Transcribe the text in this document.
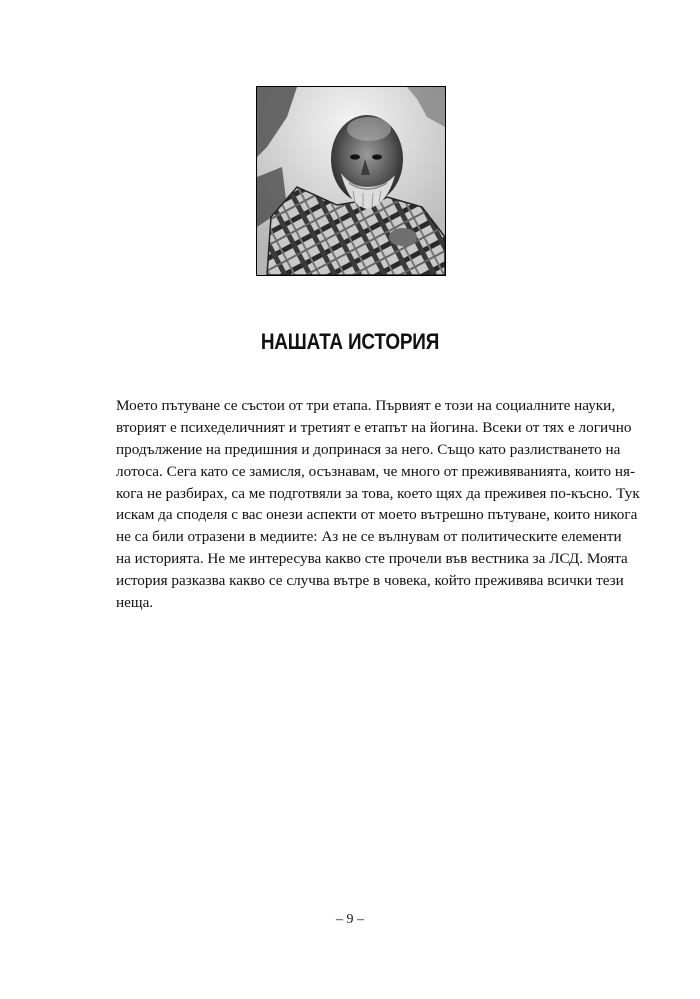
НАШАТА ИСТОРИЯ
Моето пътуване се състои от три етапа. Първият е този на социалните науки,
вторият е психеделичният и третият е етапът на йогина. Всеки от тях е логично
продължение на предишния и допринася за него. Също като разлистването на
лотоса. Сега като се замисля, осъзнавам, че много от преживяванията, които ня-
кога не разбирах, са ме подготвяли за това, което щях да преживея по-късно. Тук
искам да споделя с вас онези аспекти от моето вътрешно пътуване, които никога
не са били отразени в медиите: Аз не се вълнувам от политическите елементи
на историята. Не ме интересува какво сте прочели във вестника за ЛСД. Моята
история разказва какво се случва вътре в човека, който преживява всички тези
неща.
– 9 –
